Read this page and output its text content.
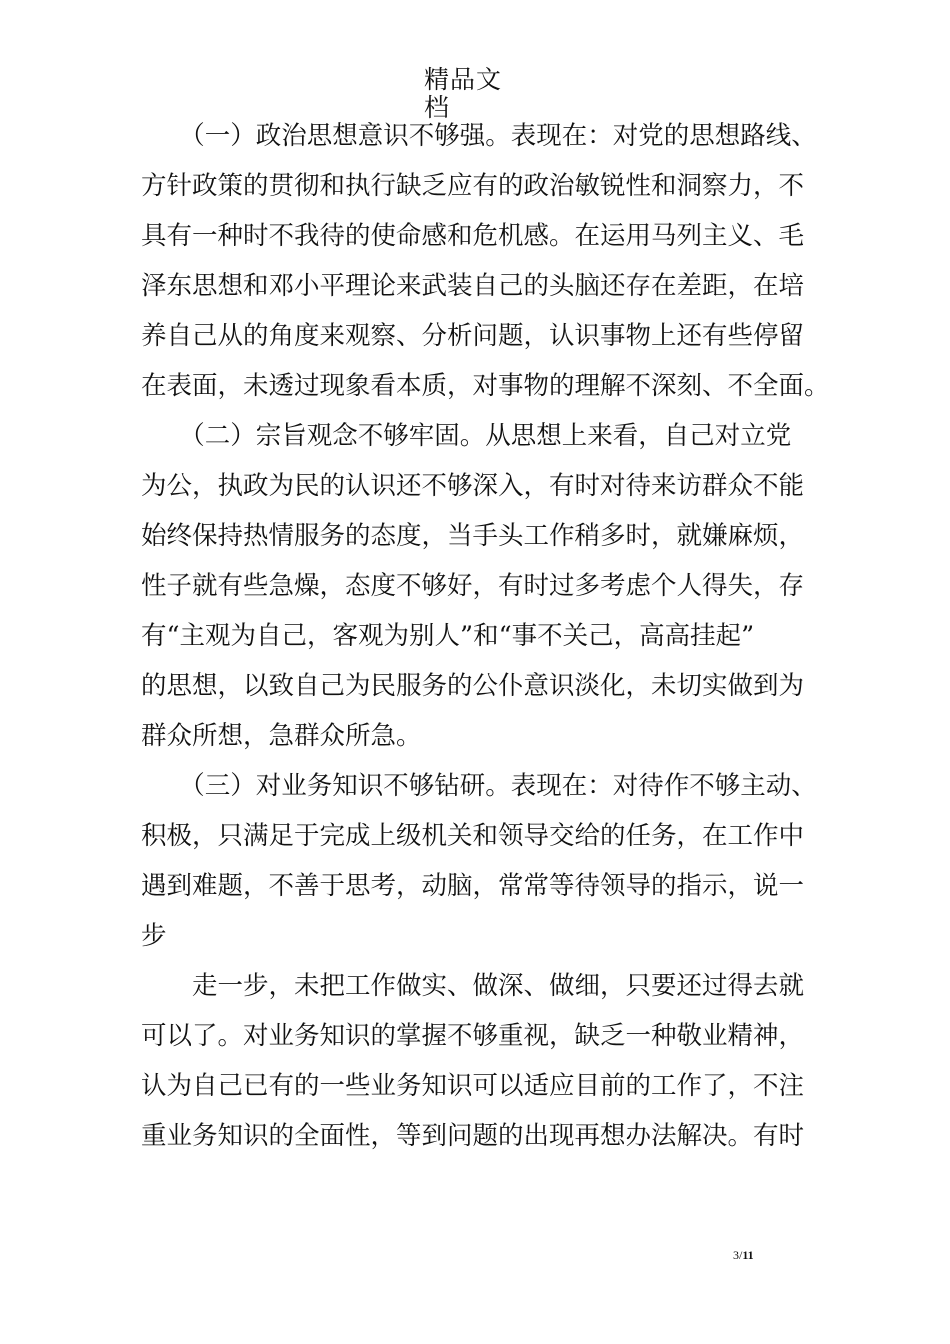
精品文
档
　　（一）政治思想意识不够强。表现在：对党的思想路线、
方针政策的贯彻和执行缺乏应有的政治敏锐性和洞察力，不
具有一种时不我待的使命感和危机感。在运用马列主义、毛
泽东思想和邓小平理论来武装自己的头脑还存在差距，在培
养自己从的角度来观察、分析问题，认识事物上还有些停留
在表面，未透过现象看本质，对事物的理解不深刻、不全面。
　　（二）宗旨观念不够牢固。从思想上来看，自己对立党
为公，执政为民的认识还不够深入，有时对待来访群众不能
始终保持热情服务的态度，当手头工作稍多时，就嫌麻烦，
性子就有些急燥，态度不够好，有时过多考虑个人得失，存
有“主观为自己，客观为别人”和“事不关己，高高挂起”
的思想，以致自己为民服务的公仆意识淡化，未切实做到为
群众所想，急群众所急。
　　（三）对业务知识不够钻研。表现在：对待作不够主动、
积极，只满足于完成上级机关和领导交给的任务，在工作中
遇到难题，不善于思考，动脑，常常等待领导的指示，说一
步
　　走一步，未把工作做实、做深、做细，只要还过得去就
可以了。对业务知识的掌握不够重视，缺乏一种敬业精神，
认为自己已有的一些业务知识可以适应目前的工作了，不注
重业务知识的全面性，等到问题的出现再想办法解决。有时
3/11
